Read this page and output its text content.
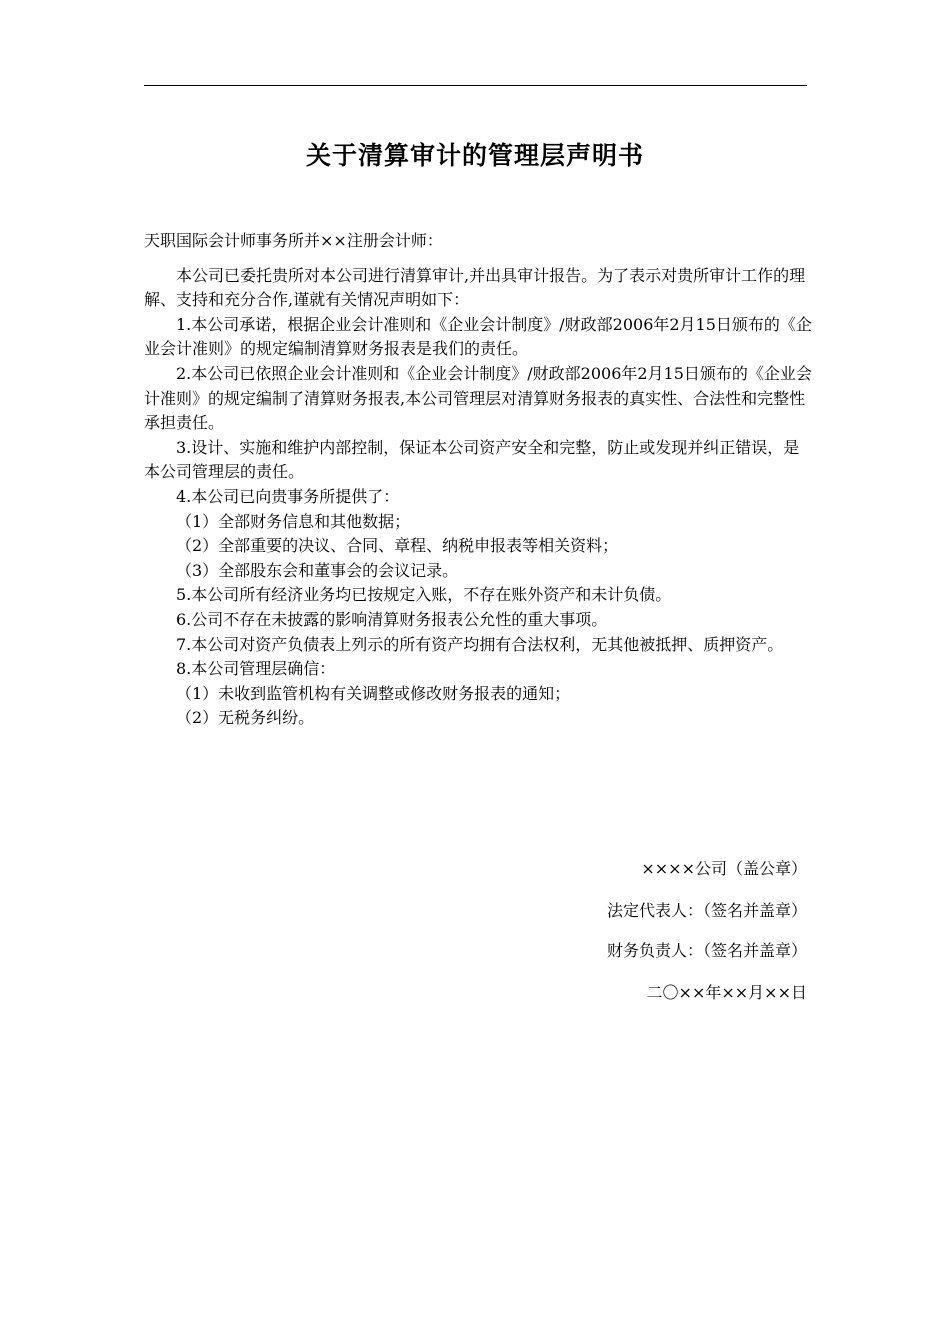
关于清算审计的管理层声明书

天职国际会计师事务所并××注册会计师：

本公司已委托贵所对本公司进行清算审计,并出具审计报告。为了表示对贵所审计工作的理解、支持和充分合作,谨就有关情况声明如下：

1.本公司承诺，根据企业会计准则和《企业会计制度》/财政部2006年2月15日颁布的《企业会计准则》的规定编制清算财务报表是我们的责任。

2.本公司已依照企业会计准则和《企业会计制度》/财政部2006年2月15日颁布的《企业会计准则》的规定编制了清算财务报表,本公司管理层对清算财务报表的真实性、合法性和完整性承担责任。

3.设计、实施和维护内部控制，保证本公司资产安全和完整，防止或发现并纠正错误，是本公司管理层的责任。

4.本公司已向贵事务所提供了：

（1）全部财务信息和其他数据；

（2）全部重要的决议、合同、章程、纳税申报表等相关资料；

（3）全部股东会和董事会的会议记录。

5.本公司所有经济业务均已按规定入账，不存在账外资产和未计负债。

6.公司不存在未披露的影响清算财务报表公允性的重大事项。

7.本公司对资产负债表上列示的所有资产均拥有合法权利，无其他被抵押、质押资产。

8.本公司管理层确信：

（1）未收到监管机构有关调整或修改财务报表的通知；

（2）无税务纠纷。

××××公司（盖公章）
法定代表人：（签名并盖章）
财务负责人：（签名并盖章）
二〇××年××月××日
